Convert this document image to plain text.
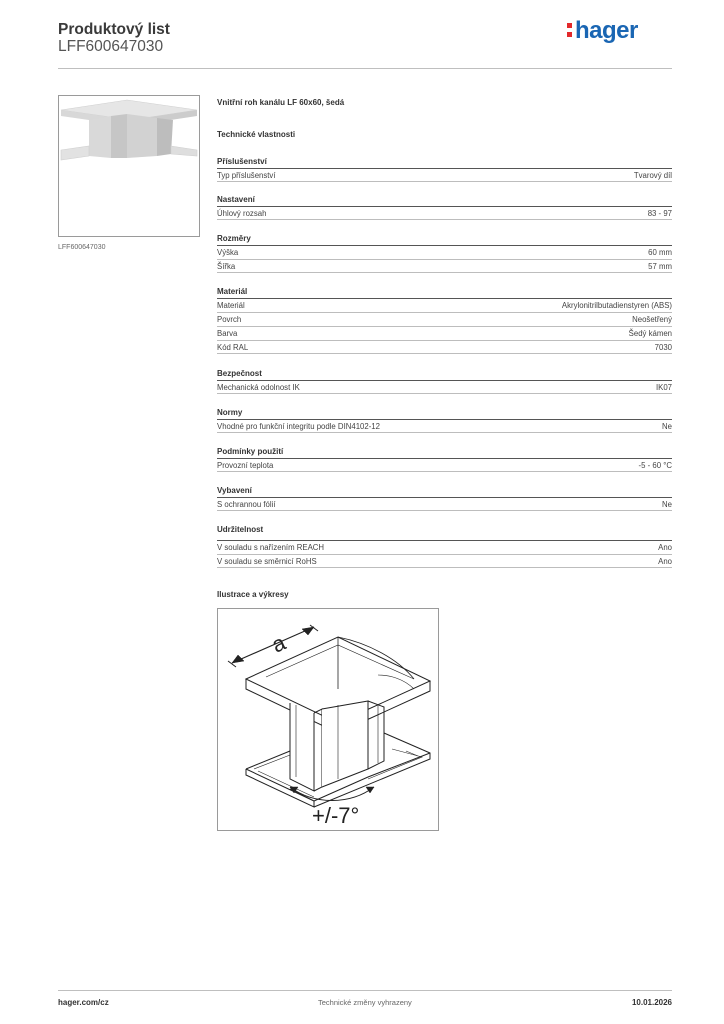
Produktový list
LFF600647030
hager
LFF600647030
Vnitřní roh kanálu LF 60x60, šedá
Technické vlastnosti
Příslušenství
Typ příslušenství	Tvarový díl
Nastavení
Úhlový rozsah	83 - 97
Rozměry
Výška	60 mm
Šířka	57 mm
Materiál
Materiál	Akrylonitrilbutadienstyren (ABS)
Povrch	Neošetřený
Barva	Šedý kámen
Kód RAL	7030
Bezpečnost
Mechanická odolnost IK	IK07
Normy
Vhodné pro funkční integritu podle DIN4102-12	Ne
Podmínky použití
Provozní teplota	-5 - 60 °C
Vybavení
S ochrannou fólií	Ne
Udržitelnost
V souladu s nařízením REACH	Ano
V souladu se směrnicí RoHS	Ano
Ilustrace a výkresy
a
+/-7°
hager.com/cz	Technické změny vyhrazeny	10.01.2026
